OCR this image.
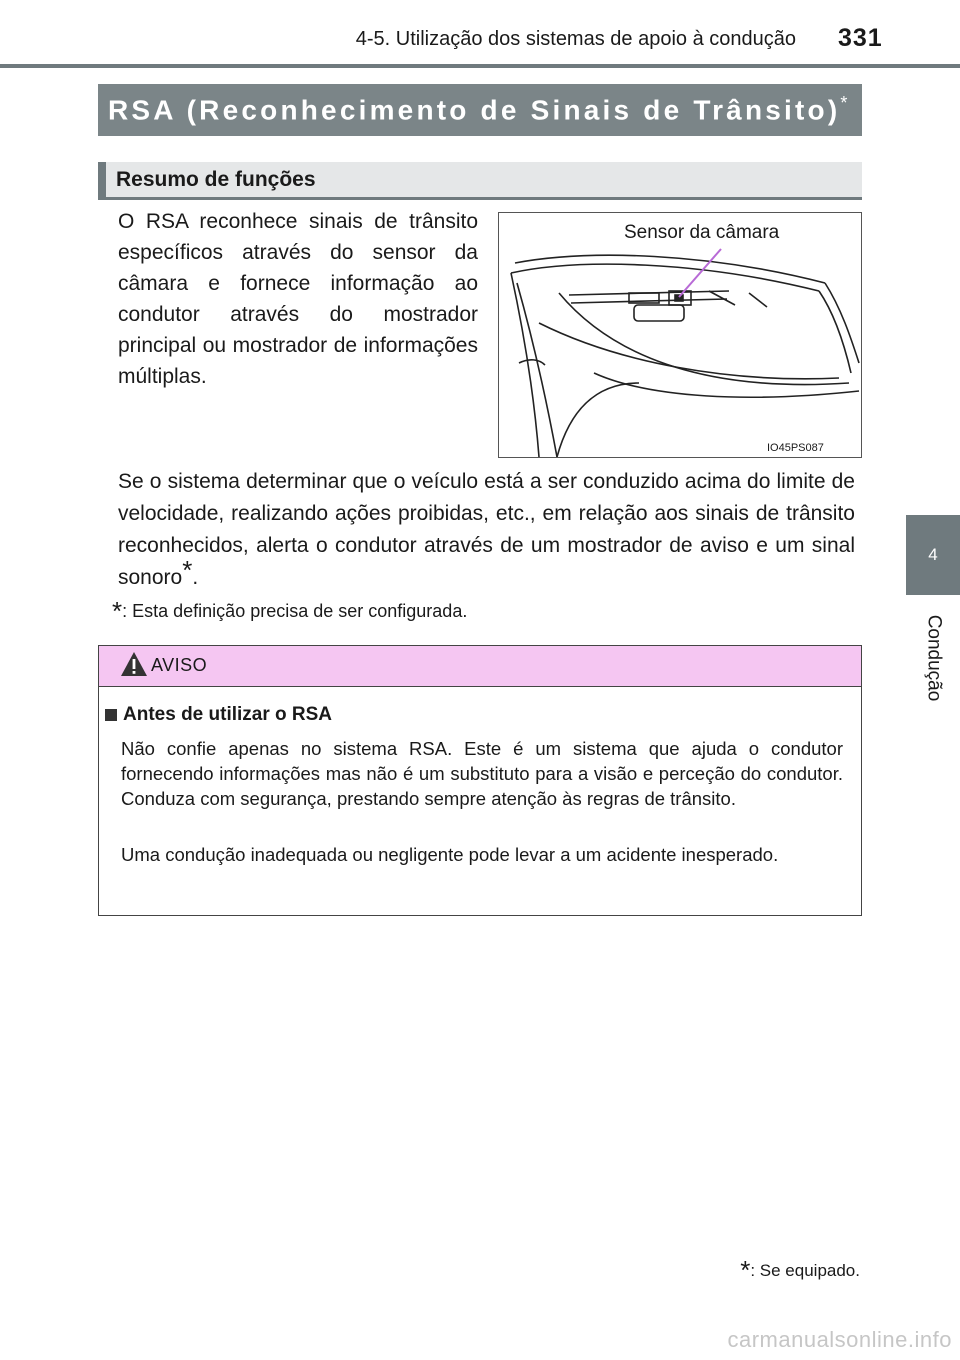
4-5. Utilização dos sistemas de apoio à condução 331
4
Condução
RSA (Reconhecimento de Sinais de Trânsito)*
Resumo de funções

O RSA reconhece sinais de trânsito específicos através do sensor da câmara e fornece informação ao condutor através do mostrador principal ou mostrador de informações múltiplas.

Sensor da câmara
IO45PS087

Se o sistema determinar que o veículo está a ser conduzido acima do limite de velocidade, realizando ações proibidas, etc., em relação aos sinais de trânsito reconhecidos, alerta o condutor através de um mostrador de aviso e um sinal sonoro*.

*: Esta definição precisa de ser configurada.
AVISO
Antes de utilizar o RSA

Não confie apenas no sistema RSA. Este é um sistema que ajuda o condutor fornecendo informações mas não é um substituto para a visão e perceção do condutor. Conduza com segurança, prestando sempre atenção às regras de trânsito.

Uma condução inadequada ou negligente pode levar a um acidente inesperado.

*: Se equipado.
carmanualsonline.info
